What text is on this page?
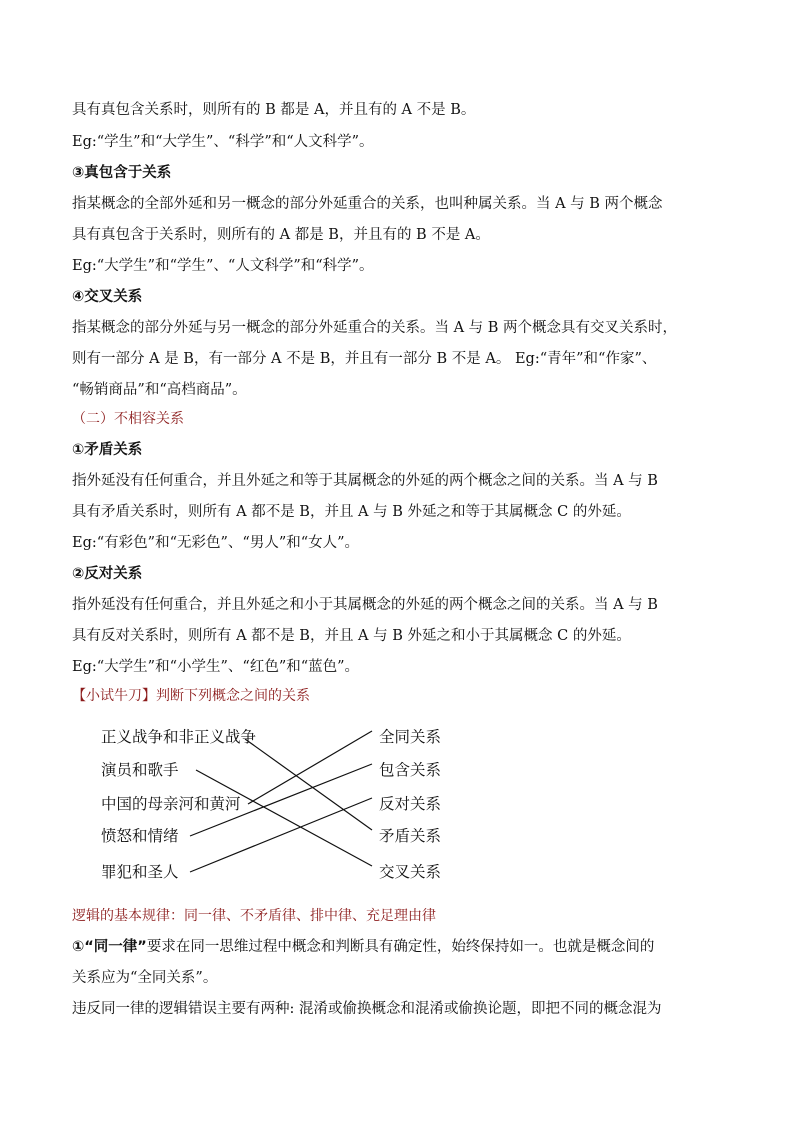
具有真包含关系时，则所有的 B 都是 A，并且有的 A 不是 B。
Eg:“学生”和“大学生”、“科学”和“人文科学”。
③真包含于关系
指某概念的全部外延和另一概念的部分外延重合的关系，也叫种属关系。当 A 与 B 两个概念
具有真包含于关系时，则所有的 A 都是 B，并且有的 B 不是 A。
Eg:“大学生”和“学生”、“人文科学”和“科学”。
④交叉关系
指某概念的部分外延与另一概念的部分外延重合的关系。当 A 与 B 两个概念具有交叉关系时，
则有一部分 A 是 B，有一部分 A 不是 B，并且有一部分 B 不是 A。 Eg:“青年”和“作家”、
“畅销商品”和“高档商品”。
（二）不相容关系
①矛盾关系
指外延没有任何重合，并且外延之和等于其属概念的外延的两个概念之间的关系。当 A 与 B
具有矛盾关系时，则所有 A 都不是 B，并且 A 与 B 外延之和等于其属概念 C 的外延。
Eg:“有彩色”和“无彩色”、“男人”和“女人”。
②反对关系
指外延没有任何重合，并且外延之和小于其属概念的外延的两个概念之间的关系。当 A 与 B
具有反对关系时，则所有 A 都不是 B，并且 A 与 B 外延之和小于其属概念 C 的外延。
Eg:“大学生”和“小学生”、“红色”和“蓝色”。
【小试牛刀】判断下列概念之间的关系
正义战争和非正义战争
演员和歌手
中国的母亲河和黄河
愤怒和情绪
罪犯和圣人
全同关系
包含关系
反对关系
矛盾关系
交叉关系
逻辑的基本规律：同一律、不矛盾律、排中律、充足理由律
①“同一律”要求在同一思维过程中概念和判断具有确定性，始终保持如一。也就是概念间的
关系应为“全同关系”。
违反同一律的逻辑错误主要有两种: 混淆或偷换概念和混淆或偷换论题，即把不同的概念混为
